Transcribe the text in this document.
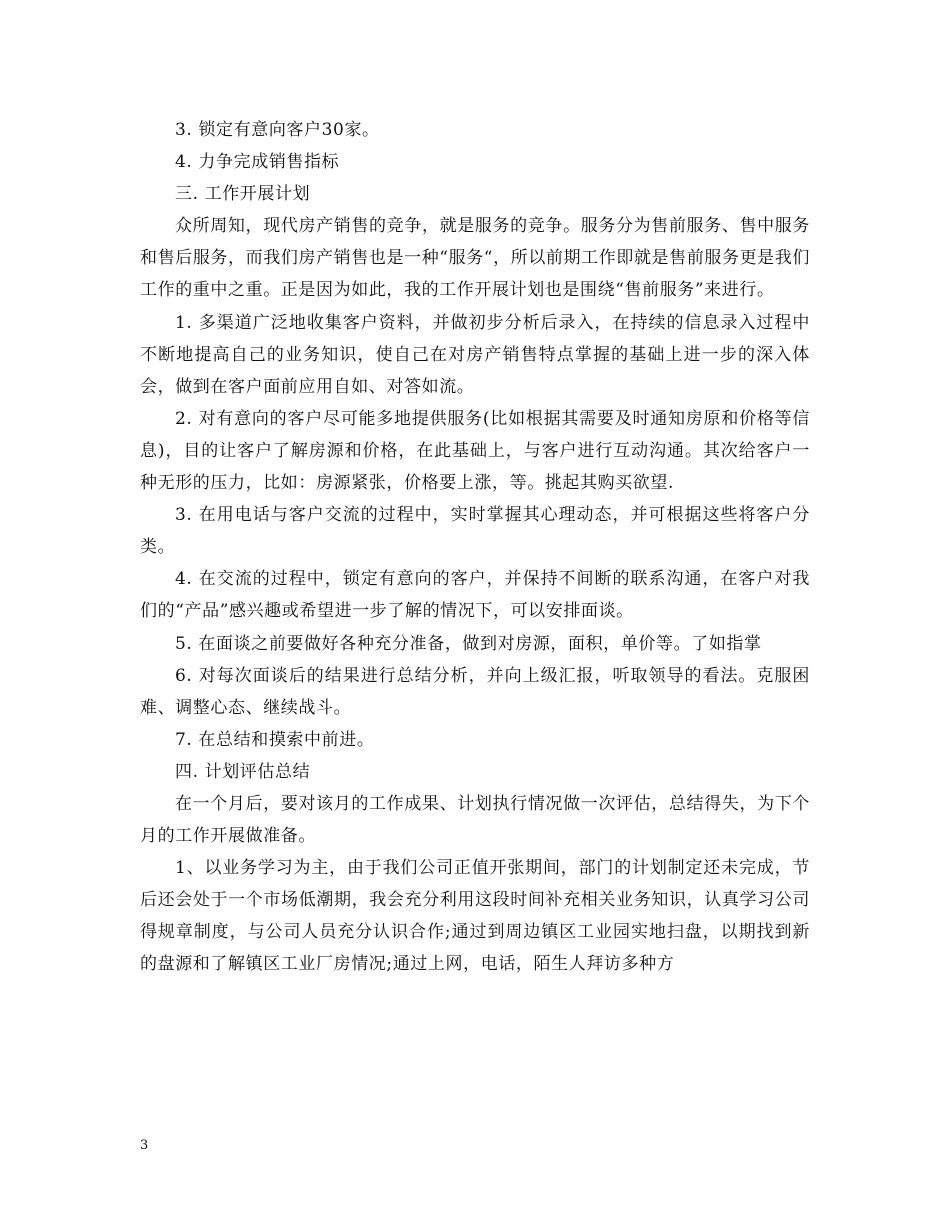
3. 锁定有意向客户30家。

4. 力争完成销售指标

三. 工作开展计划

众所周知，现代房产销售的竞争，就是服务的竞争。服务分为售前服务、售中服务和售后服务，而我们房产销售也是一种“服务“，所以前期工作即就是售前服务更是我们工作的重中之重。正是因为如此，我的工作开展计划也是围绕“售前服务”来进行。

1. 多渠道广泛地收集客户资料，并做初步分析后录入，在持续的信息录入过程中不断地提高自己的业务知识，使自己在对房产销售特点掌握的基础上进一步的深入体会，做到在客户面前应用自如、对答如流。

2. 对有意向的客户尽可能多地提供服务(比如根据其需要及时通知房原和价格等信息)，目的让客户了解房源和价格，在此基础上，与客户进行互动沟通。其次给客户一种无形的压力，比如：房源紧张，价格要上涨，等。挑起其购买欲望.

3. 在用电话与客户交流的过程中，实时掌握其心理动态，并可根据这些将客户分类。

4. 在交流的过程中，锁定有意向的客户，并保持不间断的联系沟通，在客户对我们的“产品”感兴趣或希望进一步了解的情况下，可以安排面谈。

5. 在面谈之前要做好各种充分准备，做到对房源，面积，单价等。了如指掌

6. 对每次面谈后的结果进行总结分析，并向上级汇报，听取领导的看法。克服困难、调整心态、继续战斗。

7. 在总结和摸索中前进。

四. 计划评估总结

在一个月后，要对该月的工作成果、计划执行情况做一次评估，总结得失，为下个月的工作开展做准备。

1、以业务学习为主，由于我们公司正值开张期间，部门的计划制定还未完成，节后还会处于一个市场低潮期，我会充分利用这段时间补充相关业务知识，认真学习公司得规章制度，与公司人员充分认识合作;通过到周边镇区工业园实地扫盘，以期找到新的盘源和了解镇区工业厂房情况;通过上网，电话，陌生人拜访多种方

3
